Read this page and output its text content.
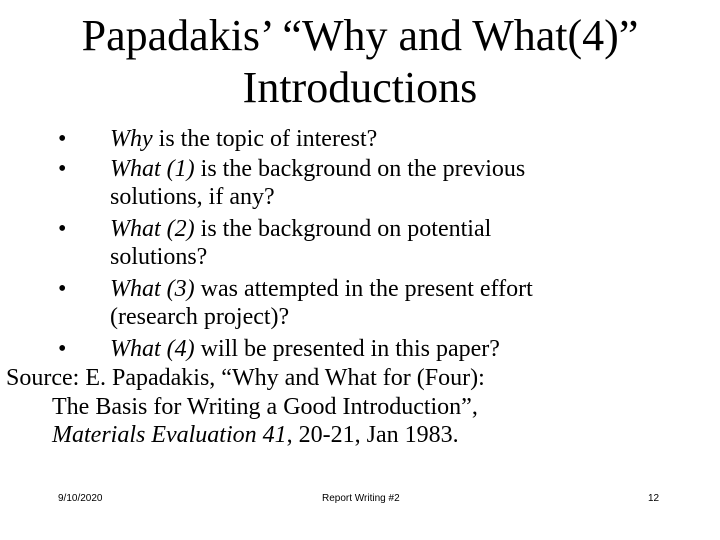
Papadakis’ “Why and What(4)”
Introductions
• Why is the topic of interest?
• What (1) is the background on the previous
solutions, if any?
• What (2) is the background on potential
solutions?
• What (3) was attempted in the present effort
(research project)?
• What (4) will be presented in this paper?
Source: E. Papadakis, “Why and What for (Four):
The Basis for Writing a Good Introduction”,
Materials Evaluation 41, 20-21, Jan 1983.
9/10/2020	Report Writing #2	12
